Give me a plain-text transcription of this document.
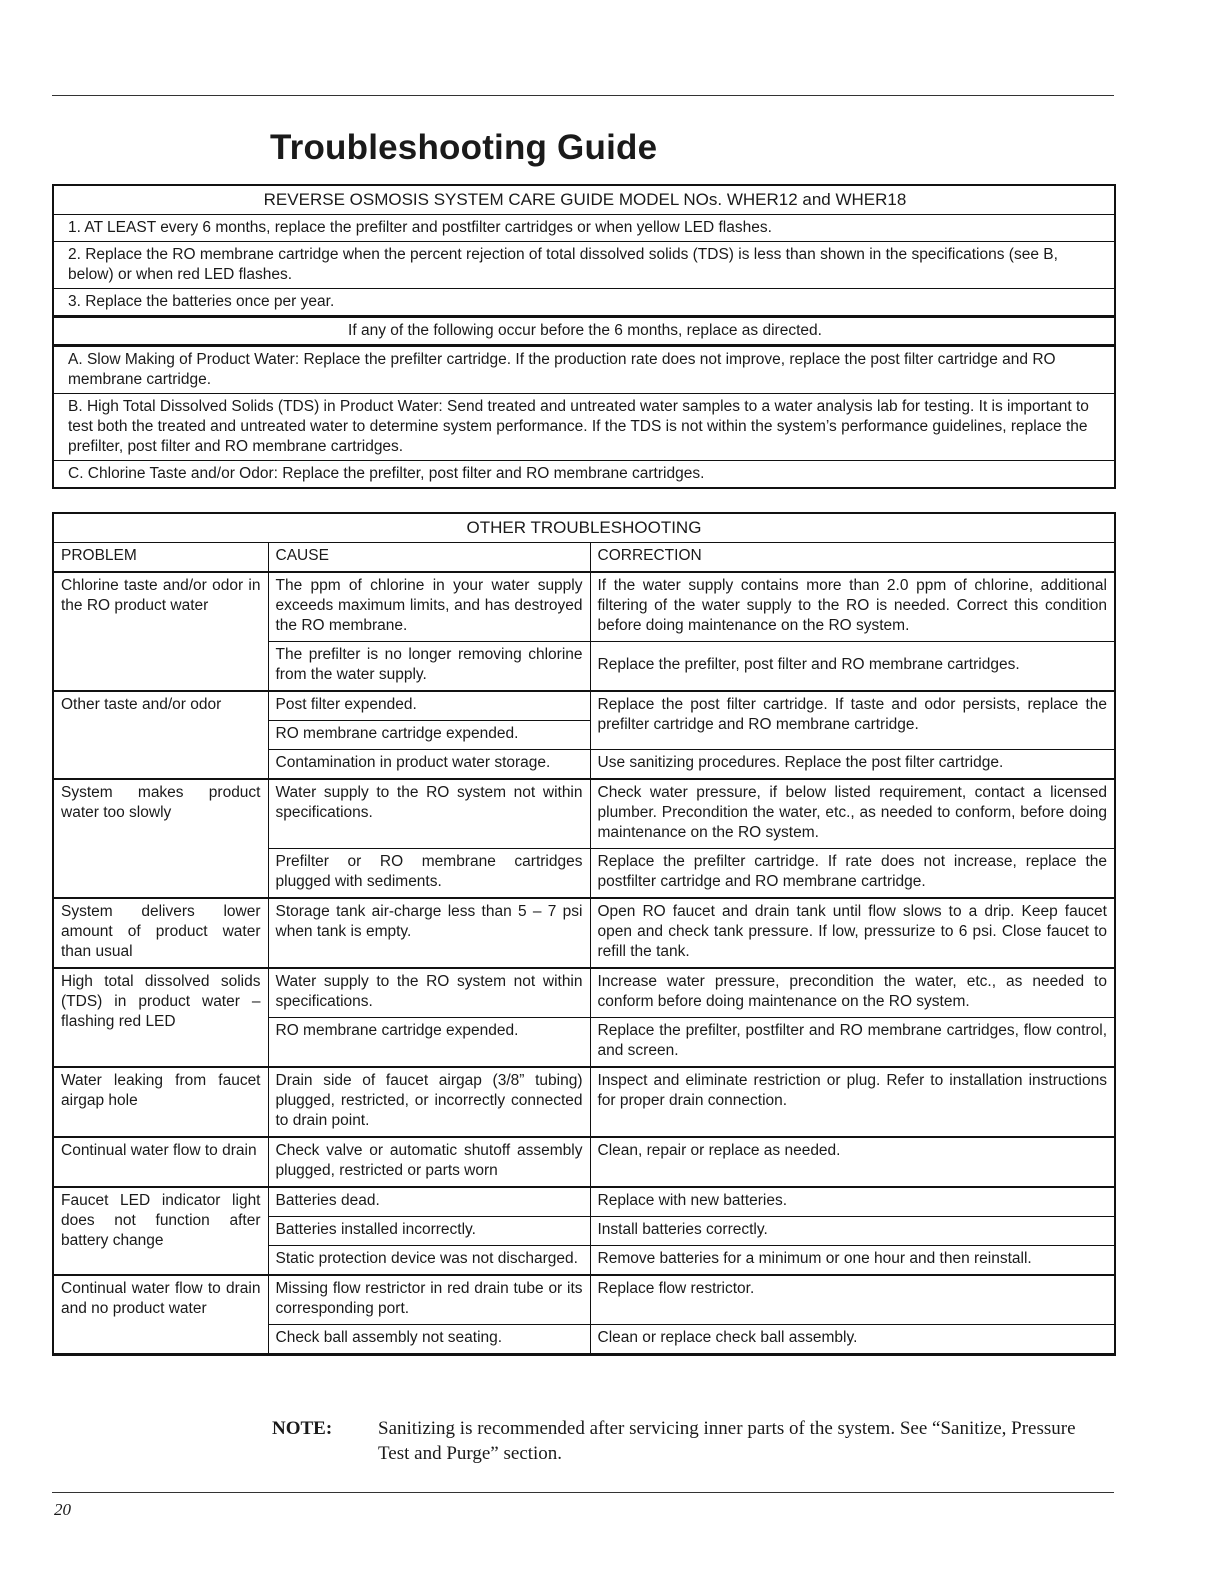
Troubleshooting Guide
REVERSE OSMOSIS SYSTEM CARE GUIDE MODEL NOs. WHER12 and WHER18
1. AT LEAST every 6 months, replace the prefilter and postfilter cartridges or when yellow LED flashes.
2. Replace the RO membrane cartridge when the percent rejection of total dissolved solids (TDS) is less than shown in the specifications (see B, below) or when red LED flashes.
3. Replace the batteries once per year.
If any of the following occur before the 6 months, replace as directed.
A. Slow Making of Product Water: Replace the prefilter cartridge. If the production rate does not improve, replace the post filter cartridge and RO membrane cartridge.
B. High Total Dissolved Solids (TDS) in Product Water: Send treated and untreated water samples to a water analysis lab for testing. It is important to test both the treated and untreated water to determine system performance. If the TDS is not within the system’s performance guidelines, replace the prefilter, post filter and RO membrane cartridges.
C. Chlorine Taste and/or Odor: Replace the prefilter, post filter and RO membrane cartridges.
OTHER TROUBLESHOOTING
PROBLEM	CAUSE	CORRECTION
Chlorine taste and/or odor in the RO product water	The ppm of chlorine in your water supply exceeds maximum limits, and has destroyed the RO membrane.	If the water supply contains more than 2.0 ppm of chlorine, additional filtering of the water supply to the RO is needed. Correct this condition before doing maintenance on the RO system.
	The prefilter is no longer removing chlorine from the water supply.	Replace the prefilter, post filter and RO membrane cartridges.
Other taste and/or odor	Post filter expended.	Replace the post filter cartridge. If taste and odor persists, replace the prefilter cartridge and RO membrane cartridge.
	RO membrane cartridge expended.	
	Contamination in product water storage.	Use sanitizing procedures. Replace the post filter cartridge.
System makes product water too slowly	Water supply to the RO system not within specifications.	Check water pressure, if below listed requirement, contact a licensed plumber. Precondition the water, etc., as needed to conform, before doing maintenance on the RO system.
	Prefilter or RO membrane cartridges plugged with sediments.	Replace the prefilter cartridge. If rate does not increase, replace the postfilter cartridge and RO membrane cartridge.
System delivers lower amount of product water than usual	Storage tank air-charge less than 5 – 7 psi when tank is empty.	Open RO faucet and drain tank until flow slows to a drip. Keep faucet open and check tank pressure. If low, pressurize to 6 psi. Close faucet to refill the tank.
High total dissolved solids (TDS) in product water – flashing red LED	Water supply to the RO system not within specifications.	Increase water pressure, precondition the water, etc., as needed to conform before doing maintenance on the RO system.
	RO membrane cartridge expended.	Replace the prefilter, postfilter and RO membrane cartridges, flow control, and screen.
Water leaking from faucet airgap hole	Drain side of faucet airgap (3/8” tubing) plugged, restricted, or incorrectly connected to drain point.	Inspect and eliminate restriction or plug. Refer to installation instructions for proper drain connection.
Continual water flow to drain	Check valve or automatic shutoff assembly plugged, restricted or parts worn	Clean, repair or replace as needed.
Faucet LED indicator light does not function after battery change	Batteries dead.	Replace with new batteries.
	Batteries installed incorrectly.	Install batteries correctly.
	Static protection device was not discharged.	Remove batteries for a minimum or one hour and then reinstall.
Continual water flow to drain and no product water	Missing flow restrictor in red drain tube or its corresponding port.	Replace flow restrictor.
	Check ball assembly not seating.	Clean or replace check ball assembly.
NOTE: Sanitizing is recommended after servicing inner parts of the system. See “Sanitize, Pressure Test and Purge” section.
20
